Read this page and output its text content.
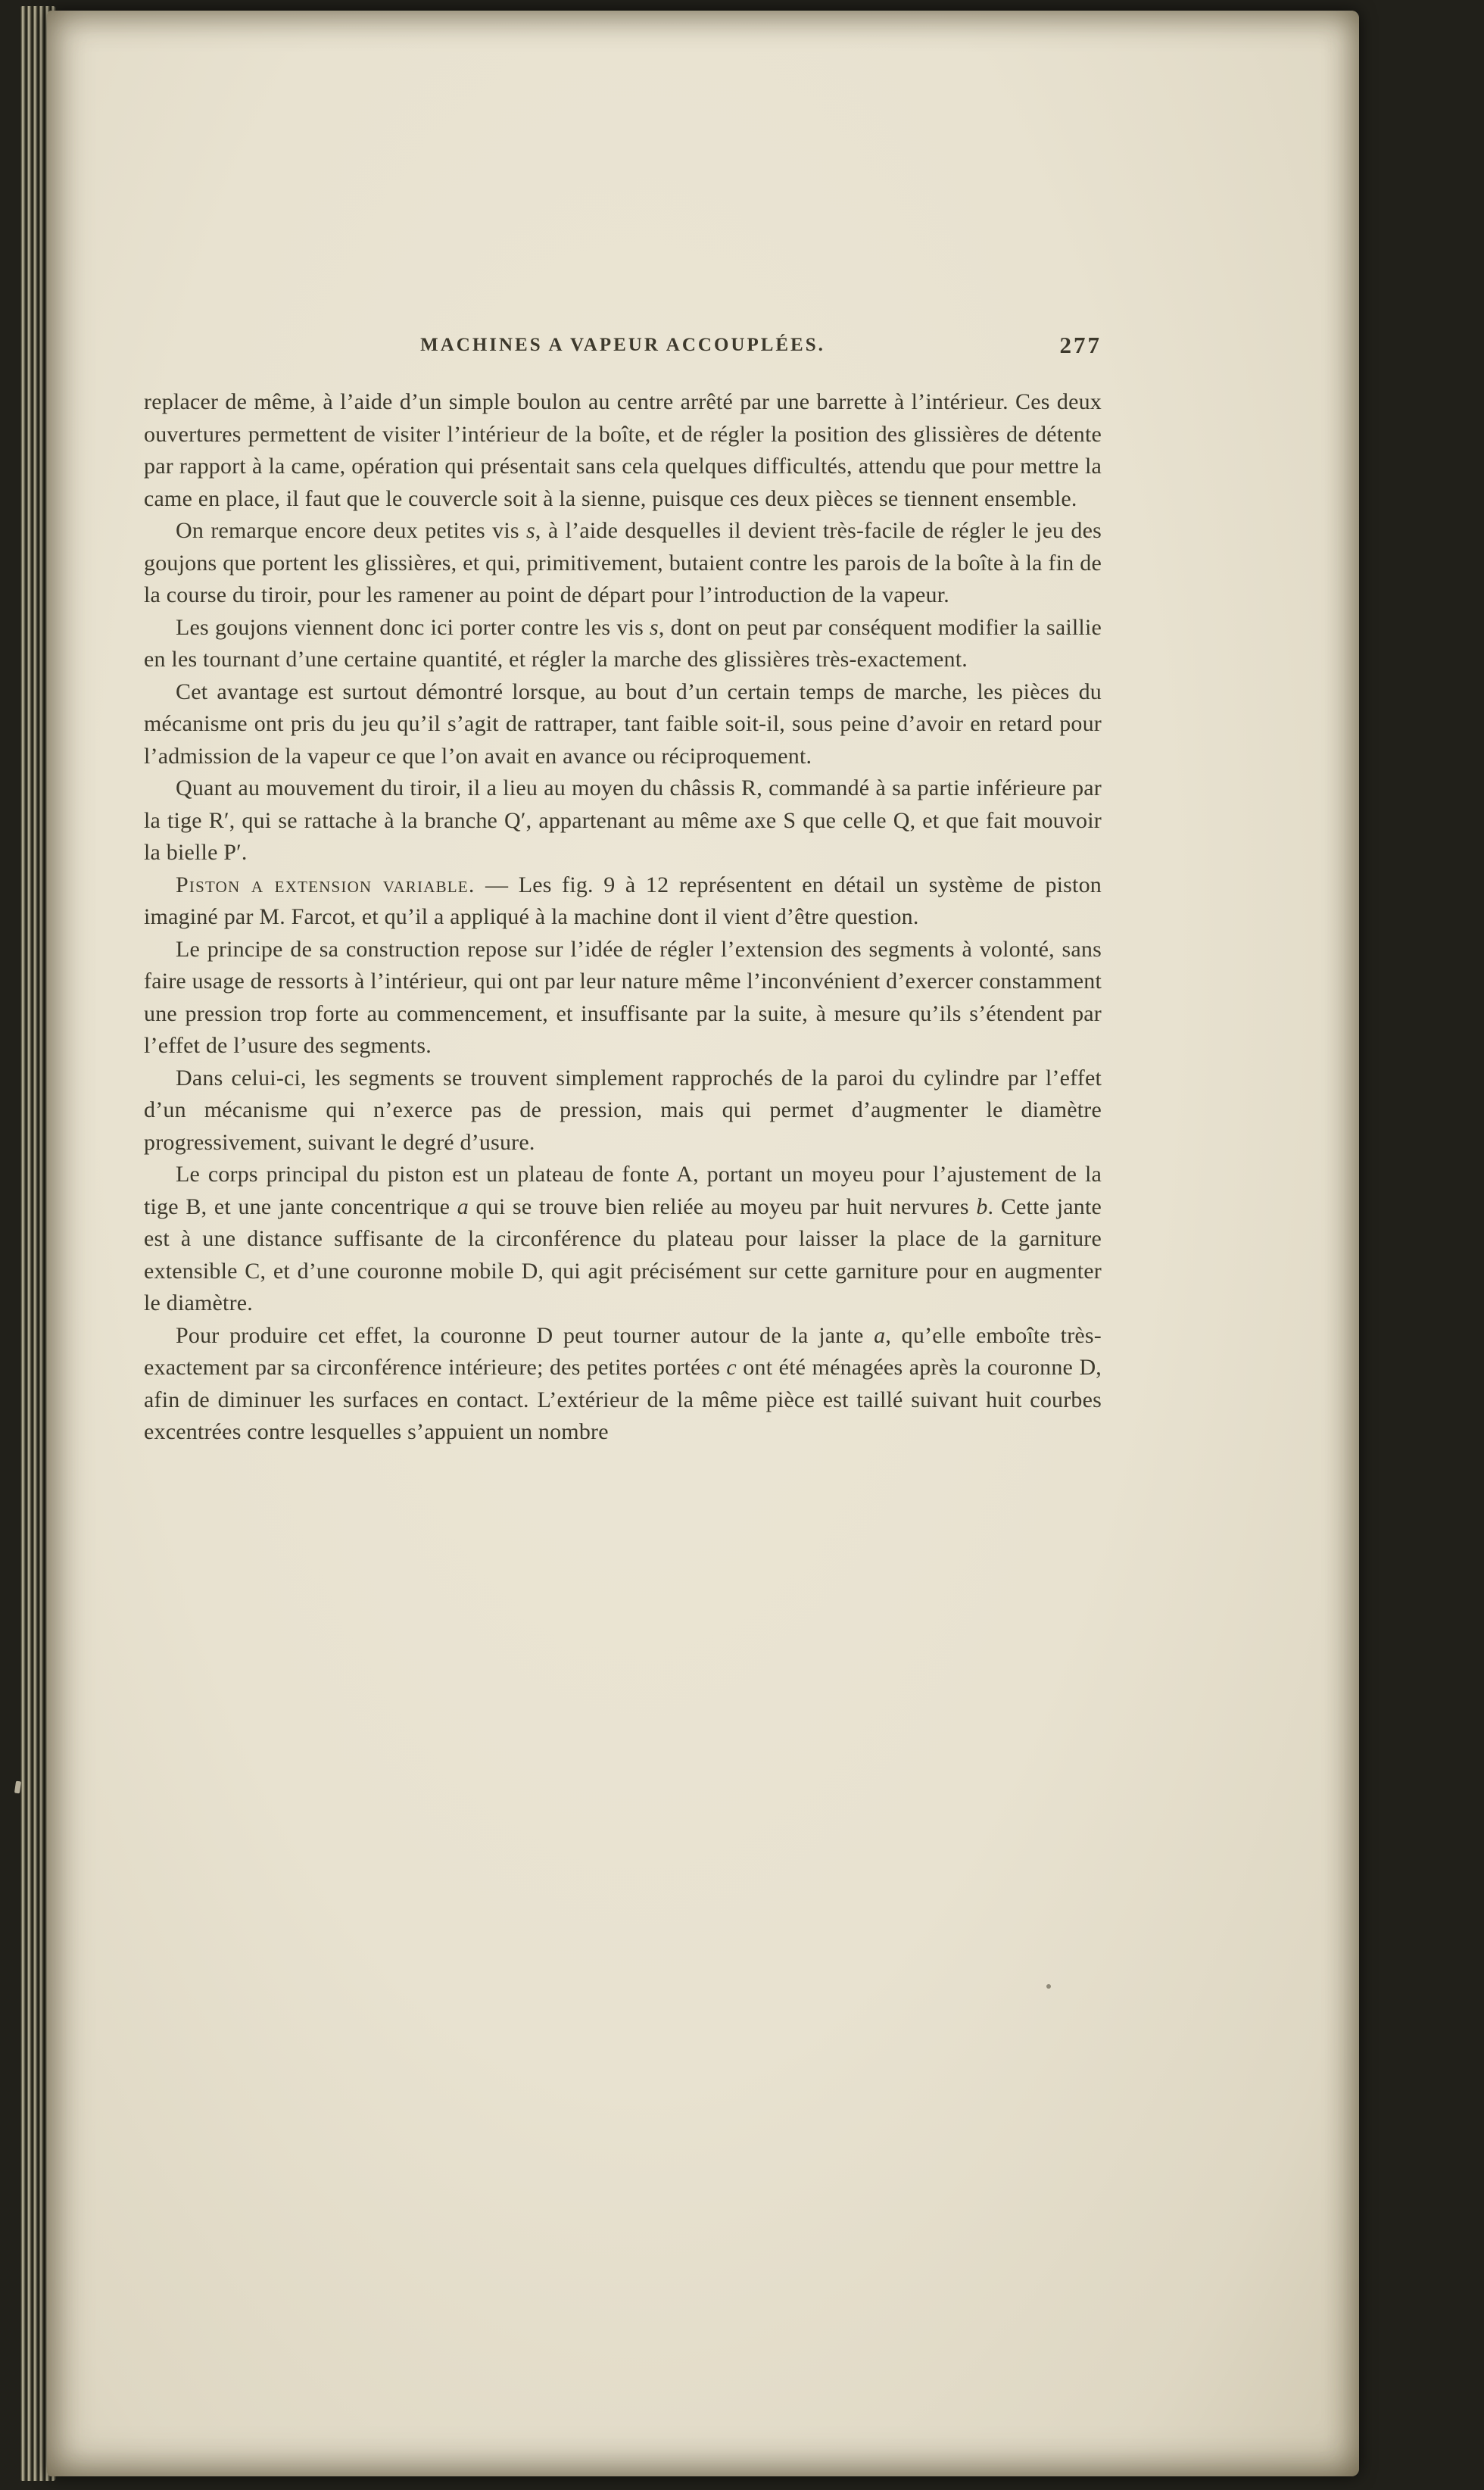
MACHINES A VAPEUR ACCOUPLÉES.	277

replacer de même, à l’aide d’un simple boulon au centre arrêté par une barrette à l’intérieur. Ces deux ouvertures permettent de visiter l’intérieur de la boîte, et de régler la position des glissières de détente par rapport à la came, opération qui présentait sans cela quelques difficultés, attendu que pour mettre la came en place, il faut que le couvercle soit à la sienne, puisque ces deux pièces se tiennent ensemble.

On remarque encore deux petites vis s, à l’aide desquelles il devient très-facile de régler le jeu des goujons que portent les glissières, et qui, primitivement, butaient contre les parois de la boîte à la fin de la course du tiroir, pour les ramener au point de départ pour l’introduction de la vapeur.

Les goujons viennent donc ici porter contre les vis s, dont on peut par conséquent modifier la saillie en les tournant d’une certaine quantité, et régler la marche des glissières très-exactement.

Cet avantage est surtout démontré lorsque, au bout d’un certain temps de marche, les pièces du mécanisme ont pris du jeu qu’il s’agit de rattraper, tant faible soit-il, sous peine d’avoir en retard pour l’admission de la vapeur ce que l’on avait en avance ou réciproquement.

Quant au mouvement du tiroir, il a lieu au moyen du châssis R, commandé à sa partie inférieure par la tige R′, qui se rattache à la branche Q′, appartenant au même axe S que celle Q, et que fait mouvoir la bielle P′.

Piston a extension variable. — Les fig. 9 à 12 représentent en détail un système de piston imaginé par M. Farcot, et qu’il a appliqué à la machine dont il vient d’être question.

Le principe de sa construction repose sur l’idée de régler l’extension des segments à volonté, sans faire usage de ressorts à l’intérieur, qui ont par leur nature même l’inconvénient d’exercer constamment une pression trop forte au commencement, et insuffisante par la suite, à mesure qu’ils s’étendent par l’effet de l’usure des segments.

Dans celui-ci, les segments se trouvent simplement rapprochés de la paroi du cylindre par l’effet d’un mécanisme qui n’exerce pas de pression, mais qui permet d’augmenter le diamètre progressivement, suivant le degré d’usure.

Le corps principal du piston est un plateau de fonte A, portant un moyeu pour l’ajustement de la tige B, et une jante concentrique a qui se trouve bien reliée au moyeu par huit nervures b. Cette jante est à une distance suffisante de la circonférence du plateau pour laisser la place de la garniture extensible C, et d’une couronne mobile D, qui agit précisément sur cette garniture pour en augmenter le diamètre.

Pour produire cet effet, la couronne D peut tourner autour de la jante a, qu’elle emboîte très-exactement par sa circonférence intérieure; des petites portées c ont été ménagées après la couronne D, afin de diminuer les surfaces en contact. L’extérieur de la même pièce est taillé suivant huit courbes excentrées contre lesquelles s’appuient un nombre
